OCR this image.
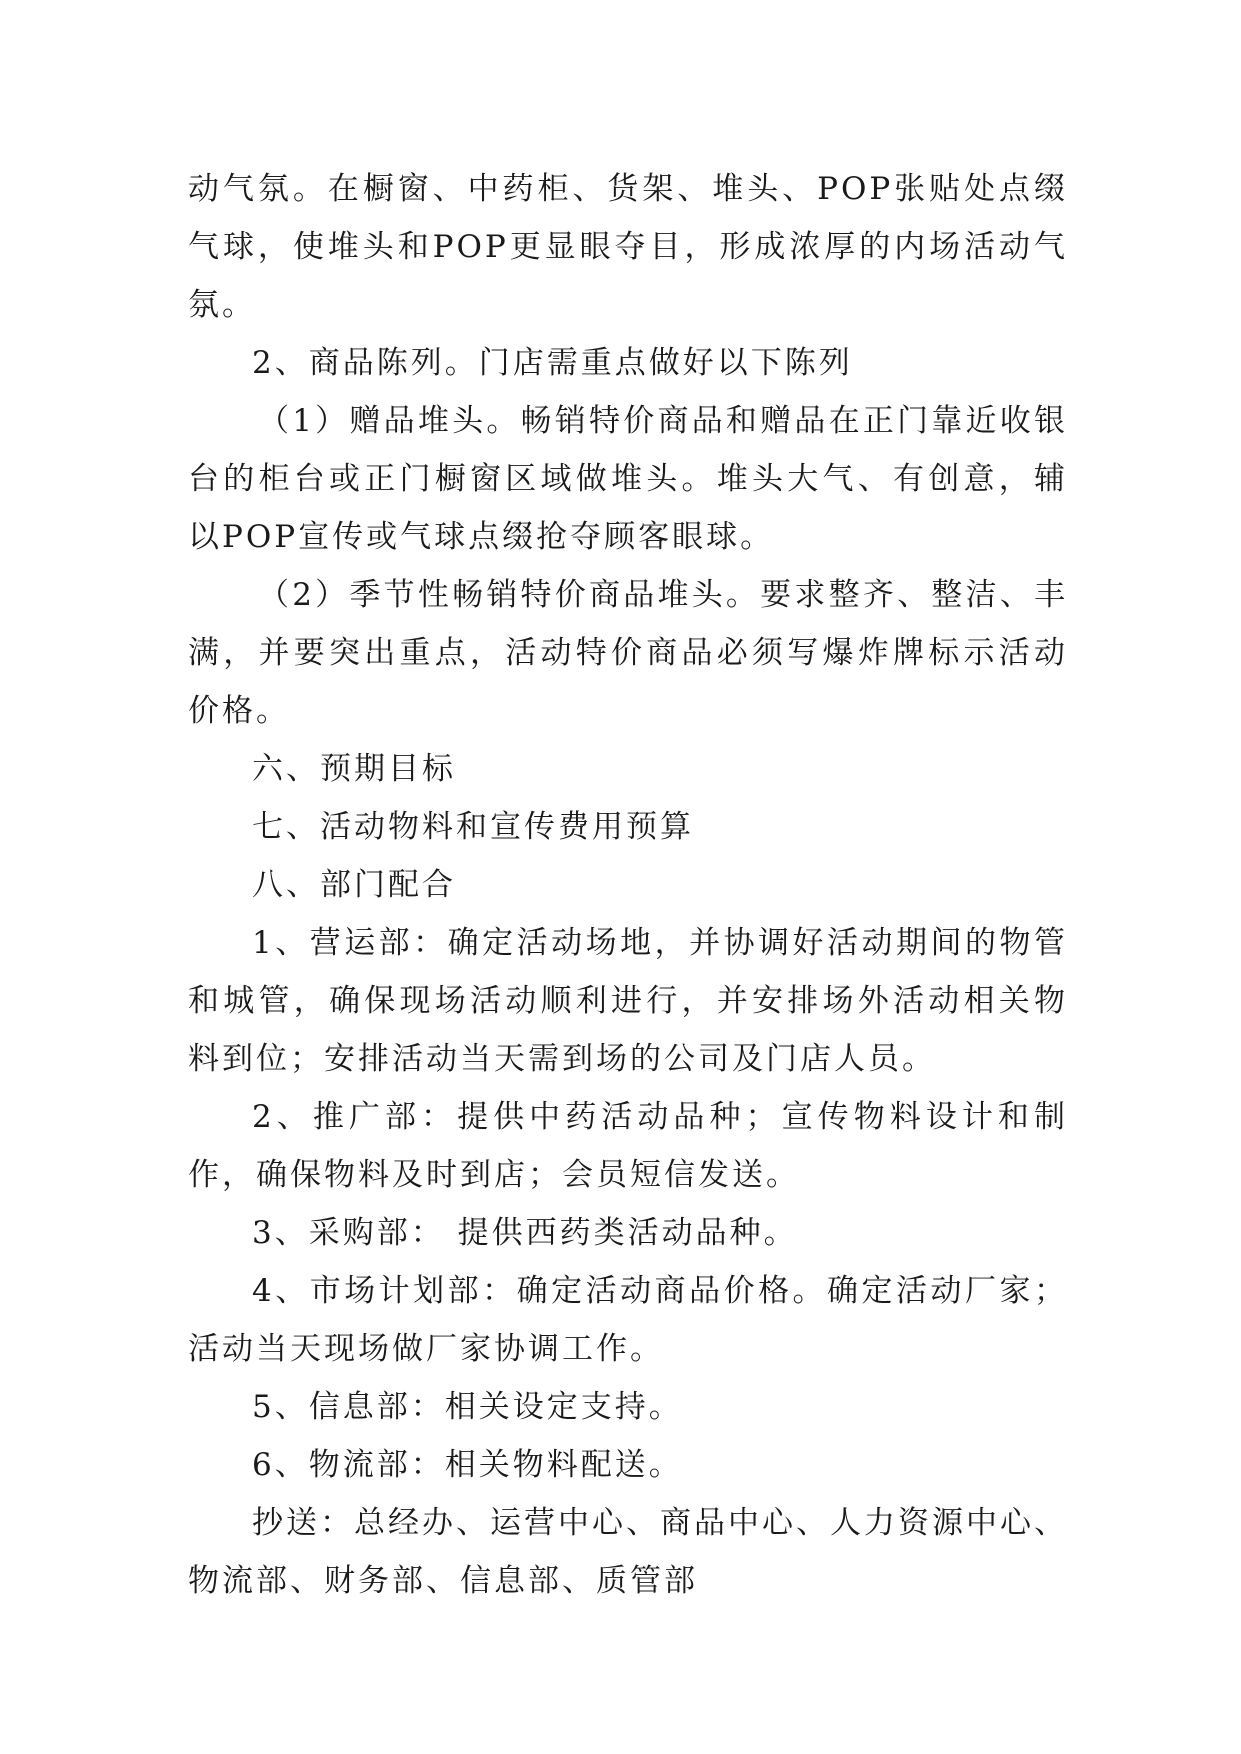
动气氛。在橱窗、中药柜、货架、堆头、POP张贴处点缀气球，使堆头和POP更显眼夺目，形成浓厚的内场活动气氛。

2、商品陈列。门店需重点做好以下陈列

（1）赠品堆头。畅销特价商品和赠品在正门靠近收银台的柜台或正门橱窗区域做堆头。堆头大气、有创意，辅以POP宣传或气球点缀抢夺顾客眼球。

（2）季节性畅销特价商品堆头。要求整齐、整洁、丰满，并要突出重点，活动特价商品必须写爆炸牌标示活动价格。

六、预期目标

七、活动物料和宣传费用预算

八、部门配合

1、营运部：确定活动场地，并协调好活动期间的物管和城管，确保现场活动顺利进行，并安排场外活动相关物料到位；安排活动当天需到场的公司及门店人员。

2、推广部：提供中药活动品种；宣传物料设计和制作，确保物料及时到店；会员短信发送。

3、采购部： 提供西药类活动品种。

4、市场计划部：确定活动商品价格。确定活动厂家；活动当天现场做厂家协调工作。

5、信息部：相关设定支持。

6、物流部：相关物料配送。

抄送：总经办、运营中心、商品中心、人力资源中心、物流部、财务部、信息部、质管部
